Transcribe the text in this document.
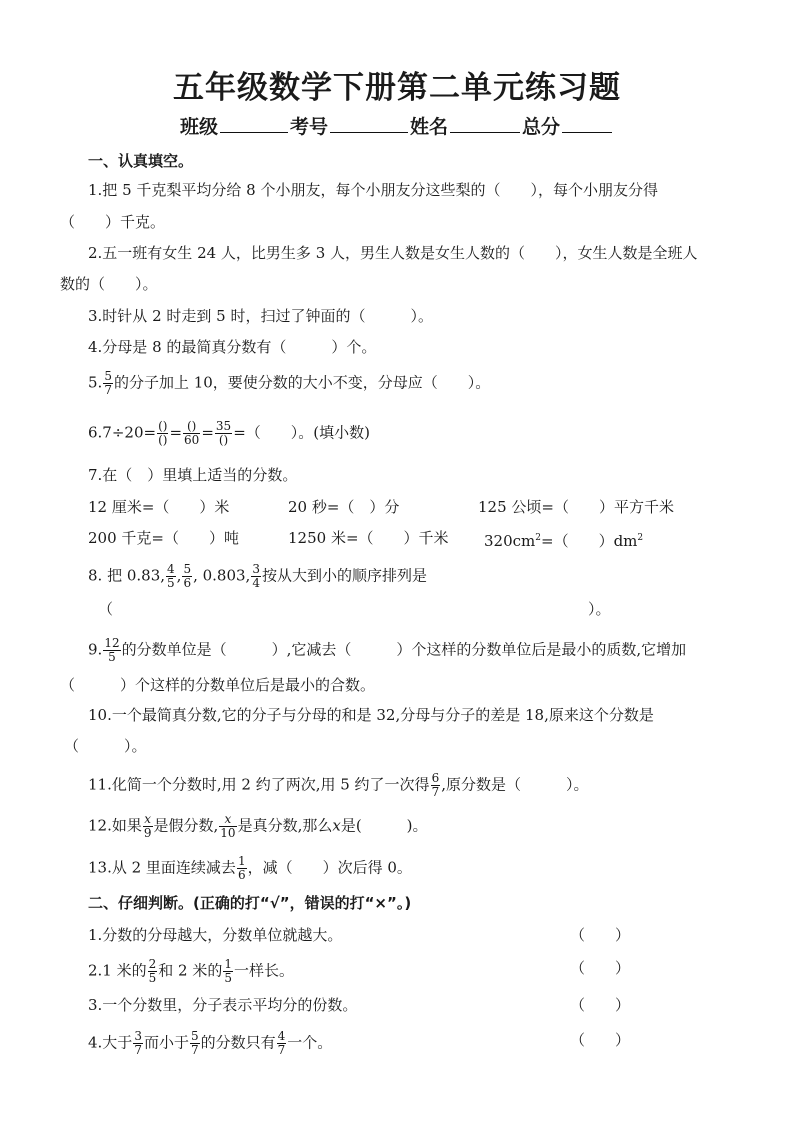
五年级数学下册第二单元练习题
班级	考号	姓名	总分
一、认真填空。
1.把 5 千克梨平均分给 8 个小朋友，每个小朋友分这些梨的（　　），每个小朋友分得
（　　）千克。
2.五一班有女生 24 人，比男生多 3 人，男生人数是女生人数的（　　），女生人数是全班人
数的（　　）。
3.时针从 2 时走到 5 时，扫过了钟面的（　　　）。
4.分母是 8 的最简真分数有（　　　）个。
5. $\frac{5}{7}$ 的分子加上 10，要使分数的大小不变，分母应（　　）。
$6.7\div 20= \frac{()}{()} = \frac{()}{60} = \frac{35}{()}$ =（　　）。(填小数)
7.在（　）里填上适当的分数。
12 厘米=（　　）米	20 秒=（　）分	125 公顷=（　　）平方千米
200 千克=（　　）吨	1250 米=（　　）千米 $320cm^2=$（　　）$dm^2$
8. 把 0.83, $\frac{4}{5}$ , $\frac{5}{6}$ , 0.803, $\frac{3}{4}$ 按从大到小的顺序排列是
（	）。
9. $\frac{12}{5}$ 的分数单位是（　　　）,它减去（　　　）个这样的分数单位后是最小的质数,它增加
（　　　）个这样的分数单位后是最小的合数。
10.一个最简真分数,它的分子与分母的和是 32,分母与分子的差是 18,原来这个分数是
（　　　）。
11.化简一个分数时,用 2 约了两次,用 5 约了一次得 $\frac{6}{7}$ ,原分数是（　　　）。
12.如果 $\frac{x}{9}$ 是假分数, $\frac{x}{10}$ 是真分数,那么x是(　　　)。
13.从 2 里面连续减去 $\frac{1}{6}$ ，减（　　）次后得 0。
二、仔细判断。(正确的打“√”，错误的打“×”。)
1.分数的分母越大，分数单位就越大。	（　　）
2.1 米的 $\frac{2}{5}$ 和 2 米的 $\frac{1}{5}$ 一样长。	（　　）
3.一个分数里，分子表示平均分的份数。	（　　）
4.大于 $\frac{3}{7}$ 而小于 $\frac{5}{7}$ 的分数只有 $\frac{4}{7}$ 一个。	（　　）
